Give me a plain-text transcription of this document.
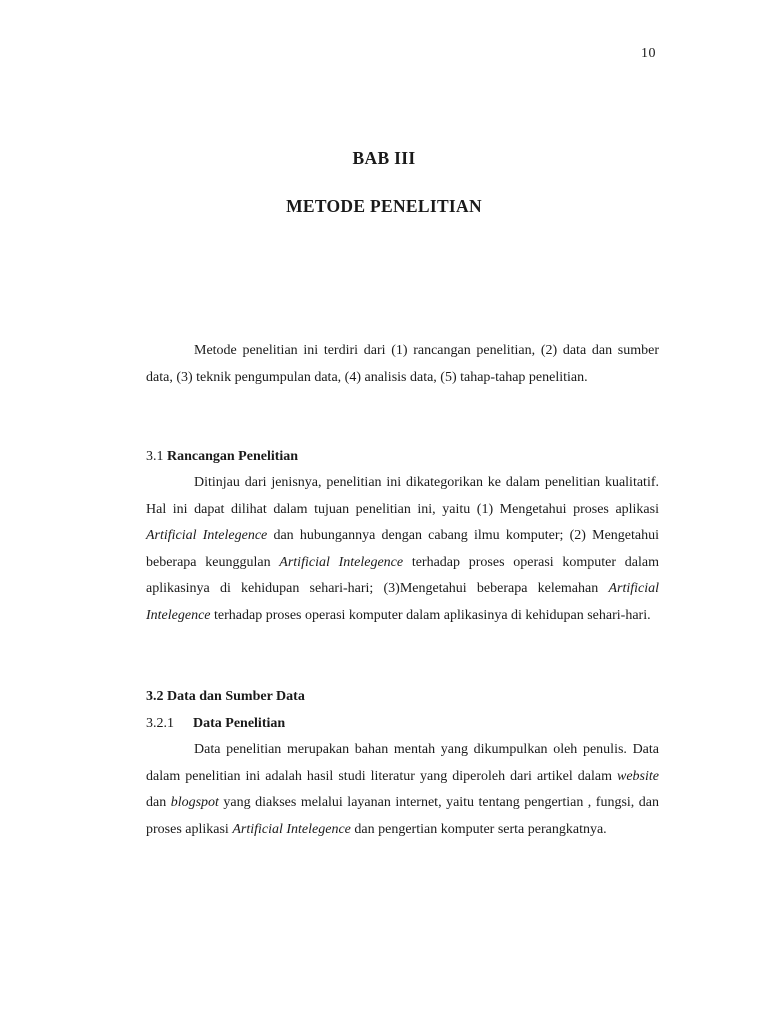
10
BAB III
METODE PENELITIAN

Metode penelitian ini terdiri dari (1) rancangan penelitian, (2) data dan sumber data, (3) teknik pengumpulan data, (4) analisis data, (5) tahap-tahap penelitian.

3.1 Rancangan Penelitian

Ditinjau dari jenisnya, penelitian ini dikategorikan ke dalam penelitian kualitatif. Hal ini dapat dilihat dalam tujuan penelitian ini, yaitu (1) Mengetahui proses aplikasi Artificial Intelegence dan hubungannya dengan cabang ilmu komputer; (2) Mengetahui beberapa keunggulan Artificial Intelegence terhadap proses operasi komputer dalam aplikasinya di kehidupan sehari-hari; (3)Mengetahui beberapa kelemahan Artificial Intelegence terhadap proses operasi komputer dalam aplikasinya di kehidupan sehari-hari.

3.2 Data dan Sumber Data
3.2.1 Data Penelitian

Data penelitian merupakan bahan mentah yang dikumpulkan oleh penulis. Data dalam penelitian ini adalah hasil studi literatur yang diperoleh dari artikel dalam website dan blogspot yang diakses melalui layanan internet, yaitu tentang pengertian , fungsi, dan proses aplikasi Artificial Intelegence dan pengertian komputer serta perangkatnya.
